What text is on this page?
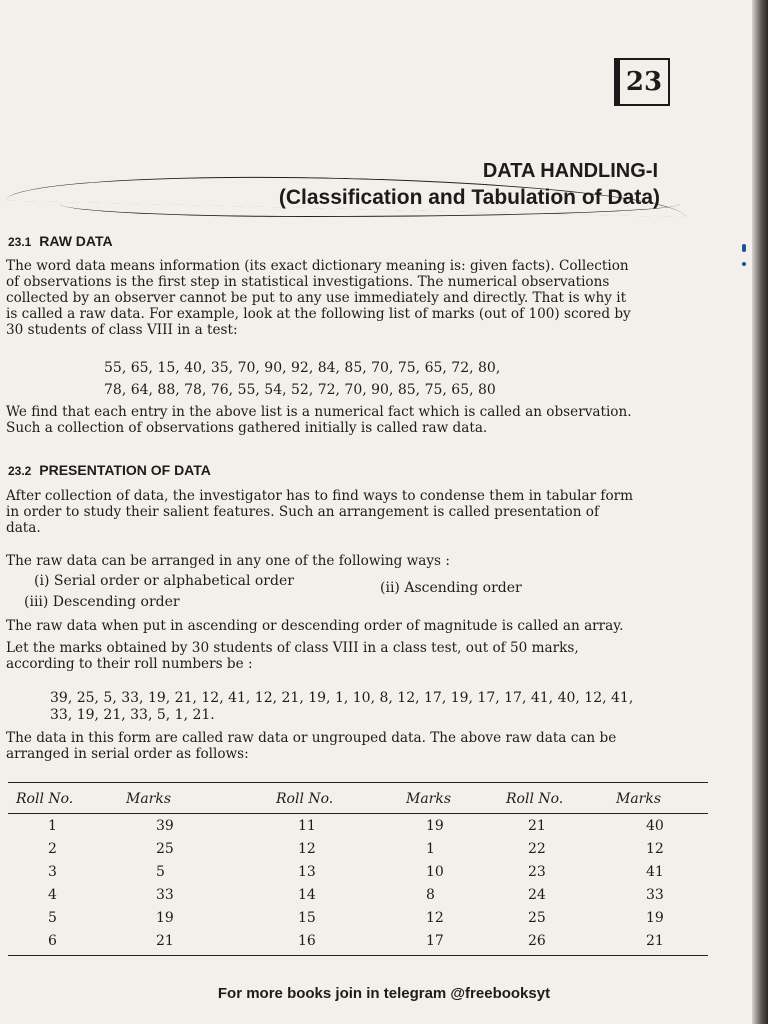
23
DATA HANDLING-I
(Classification and Tabulation of Data)
23.1 RAW DATA

The word data means information (its exact dictionary meaning is: given facts). Collection
of observations is the first step in statistical investigations. The numerical observations
collected by an observer cannot be put to any use immediately and directly. That is why it
is called a raw data. For example, look at the following list of marks (out of 100) scored by
30 students of class VIII in a test:

55, 65, 15, 40, 35, 70, 90, 92, 84, 85, 70, 75, 65, 72, 80,
78, 64, 88, 78, 76, 55, 54, 52, 72, 70, 90, 85, 75, 65, 80

We find that each entry in the above list is a numerical fact which is called an observation.
Such a collection of observations gathered initially is called raw data.

23.2 PRESENTATION OF DATA

After collection of data, the investigator has to find ways to condense them in tabular form
in order to study their salient features. Such an arrangement is called presentation of
data.

The raw data can be arranged in any one of the following ways :

(i) Serial order or alphabetical order	(ii) Ascending order
(iii) Descending order

The raw data when put in ascending or descending order of magnitude is called an array.

Let the marks obtained by 30 students of class VIII in a class test, out of 50 marks,
according to their roll numbers be :

39, 25, 5, 33, 19, 21, 12, 41, 12, 21, 19, 1, 10, 8, 12, 17, 19, 17, 17, 41, 40, 12, 41,
33, 19, 21, 33, 5, 1, 21.

The data in this form are called raw data or ungrouped data. The above raw data can be
arranged in serial order as follows:

Roll No.	Marks	Roll No.	Marks	Roll No.	Marks
1	39	11	19	21	40
2	25	12	1	22	12
3	5	13	10	23	41
4	33	14	8	24	33
5	19	15	12	25	19
6	21	16	17	26	21
For more books join in telegram @freebooksyt
